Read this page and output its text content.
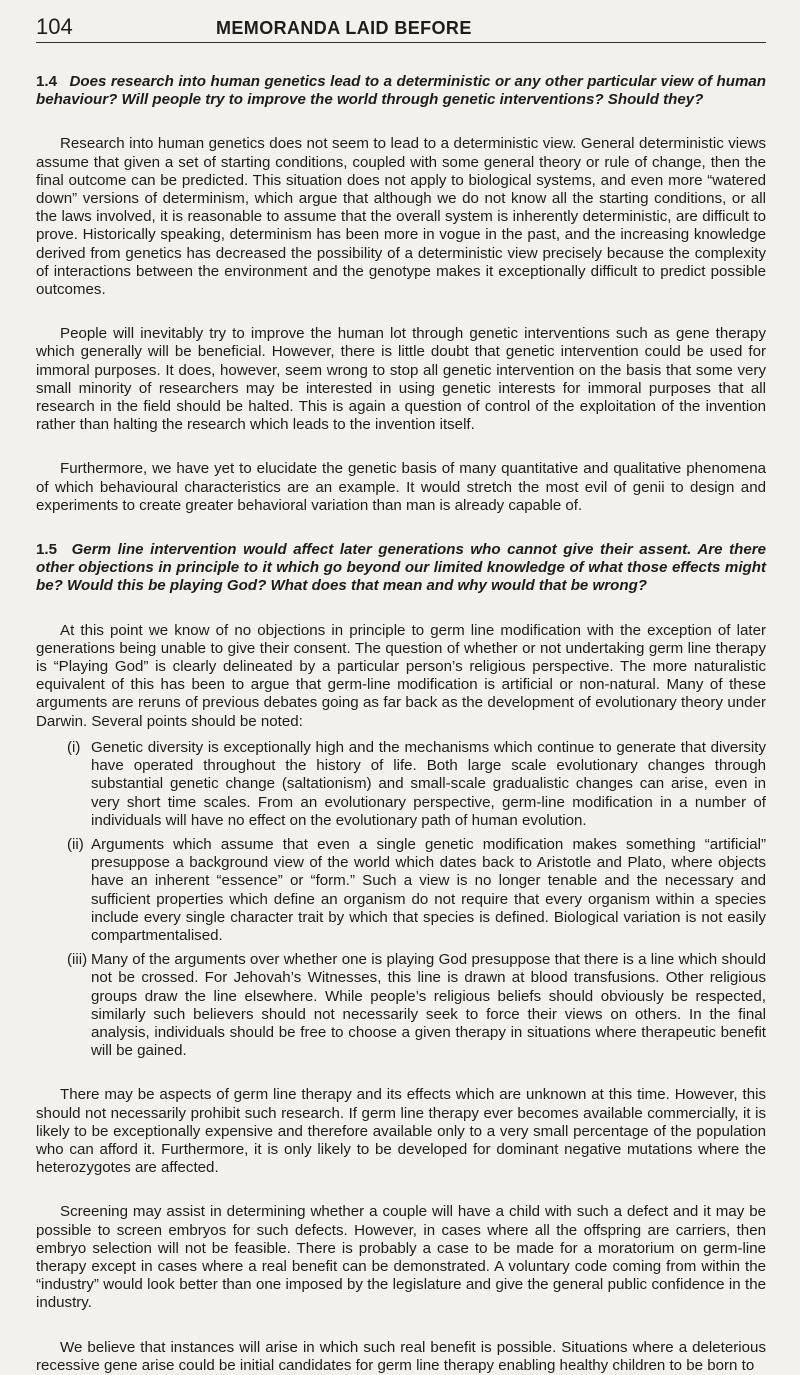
104	MEMORANDA LAID BEFORE

1.4 Does research into human genetics lead to a deterministic or any other particular view of human behaviour? Will people try to improve the world through genetic interventions? Should they?

Research into human genetics does not seem to lead to a deterministic view. General deterministic views assume that given a set of starting conditions, coupled with some general theory or rule of change, then the final outcome can be predicted. This situation does not apply to biological systems, and even more “watered down” versions of determinism, which argue that although we do not know all the starting conditions, or all the laws involved, it is reasonable to assume that the overall system is inherently deterministic, are difficult to prove. Historically speaking, determinism has been more in vogue in the past, and the increasing knowledge derived from genetics has decreased the possibility of a deterministic view precisely because the complexity of interactions between the environment and the genotype makes it exceptionally difficult to predict possible outcomes.

People will inevitably try to improve the human lot through genetic interventions such as gene therapy which generally will be beneficial. However, there is little doubt that genetic intervention could be used for immoral purposes. It does, however, seem wrong to stop all genetic intervention on the basis that some very small minority of researchers may be interested in using genetic interests for immoral purposes that all research in the field should be halted. This is again a question of control of the exploitation of the invention rather than halting the research which leads to the invention itself.

Furthermore, we have yet to elucidate the genetic basis of many quantitative and qualitative phenomena of which behavioural characteristics are an example. It would stretch the most evil of genii to design and experiments to create greater behavioral variation than man is already capable of.

1.5 Germ line intervention would affect later generations who cannot give their assent. Are there other objections in principle to it which go beyond our limited knowledge of what those effects might be? Would this be playing God? What does that mean and why would that be wrong?

At this point we know of no objections in principle to germ line modification with the exception of later generations being unable to give their consent. The question of whether or not undertaking germ line therapy is “Playing God” is clearly delineated by a particular person’s religious perspective. The more naturalistic equivalent of this has been to argue that germ-line modification is artificial or non-natural. Many of these arguments are reruns of previous debates going as far back as the development of evolutionary theory under Darwin. Several points should be noted:

(i) Genetic diversity is exceptionally high and the mechanisms which continue to generate that diversity have operated throughout the history of life. Both large scale evolutionary changes through substantial genetic change (saltationism) and small-scale gradualistic changes can arise, even in very short time scales. From an evolutionary perspective, germ-line modification in a number of individuals will have no effect on the evolutionary path of human evolution.
(ii) Arguments which assume that even a single genetic modification makes something “artificial” presuppose a background view of the world which dates back to Aristotle and Plato, where objects have an inherent “essence” or “form.” Such a view is no longer tenable and the necessary and sufficient properties which define an organism do not require that every organism within a species include every single character trait by which that species is defined. Biological variation is not easily compartmentalised.
(iii) Many of the arguments over whether one is playing God presuppose that there is a line which should not be crossed. For Jehovah’s Witnesses, this line is drawn at blood transfusions. Other religious groups draw the line elsewhere. While people’s religious beliefs should obviously be respected, similarly such believers should not necessarily seek to force their views on others. In the final analysis, individuals should be free to choose a given therapy in situations where therapeutic benefit will be gained.

There may be aspects of germ line therapy and its effects which are unknown at this time. However, this should not necessarily prohibit such research. If germ line therapy ever becomes available commercially, it is likely to be exceptionally expensive and therefore available only to a very small percentage of the population who can afford it. Furthermore, it is only likely to be developed for dominant negative mutations where the heterozygotes are affected.

Screening may assist in determining whether a couple will have a child with such a defect and it may be possible to screen embryos for such defects. However, in cases where all the offspring are carriers, then embryo selection will not be feasible. There is probably a case to be made for a moratorium on germ-line therapy except in cases where a real benefit can be demonstrated. A voluntary code coming from within the “industry” would look better than one imposed by the legislature and give the general public confidence in the industry.

We believe that instances will arise in which such real benefit is possible. Situations where a deleterious recessive gene arise could be initial candidates for germ line therapy enabling healthy children to be born to
